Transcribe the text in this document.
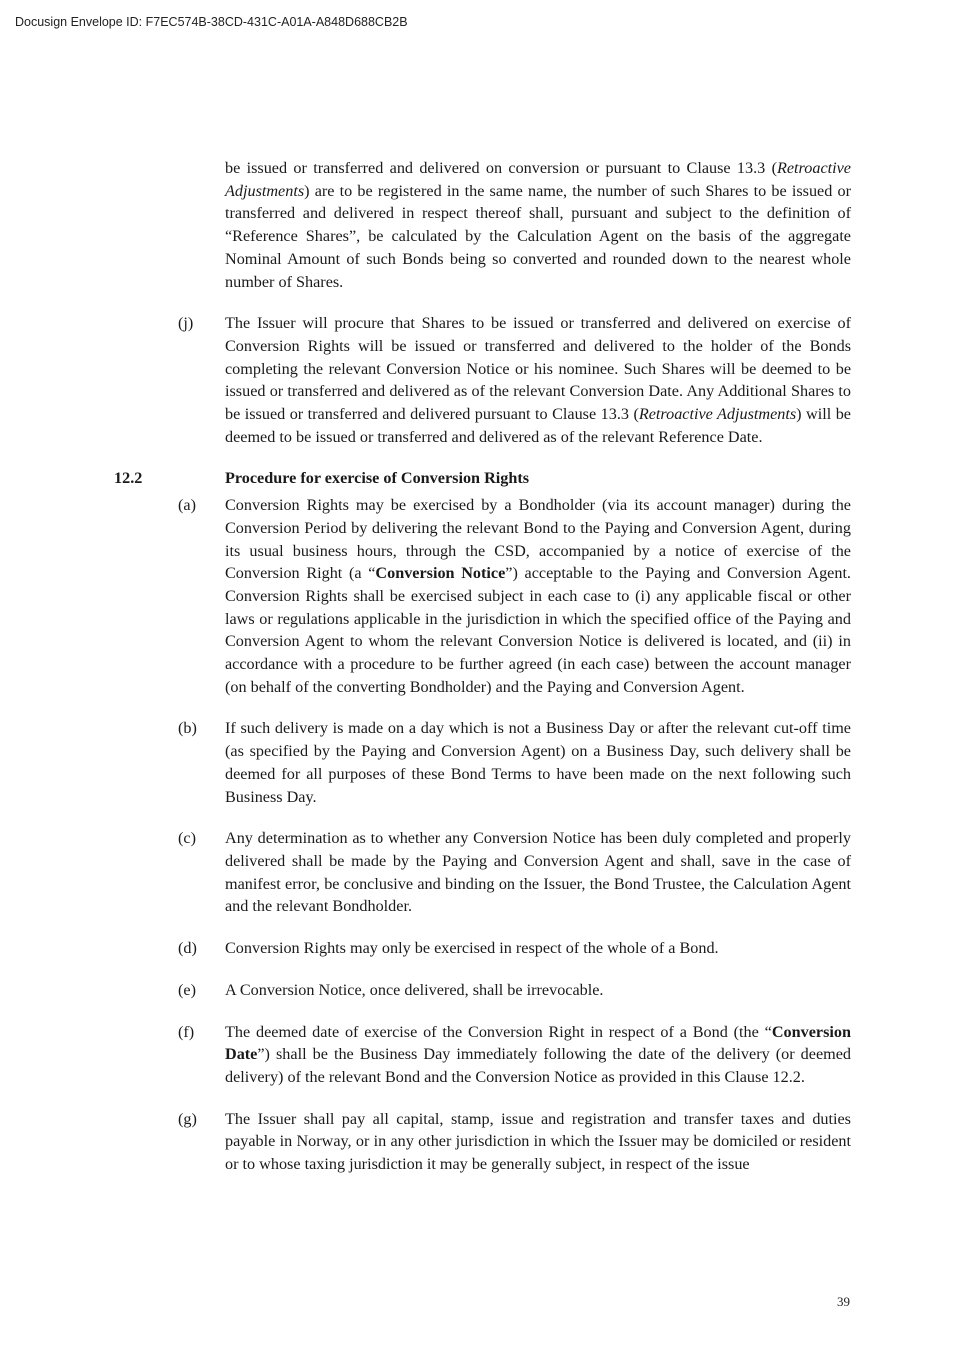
Docusign Envelope ID: F7EC574B-38CD-431C-A01A-A848D688CB2B
be issued or transferred and delivered on conversion or pursuant to Clause 13.3 (Retroactive Adjustments) are to be registered in the same name, the number of such Shares to be issued or transferred and delivered in respect thereof shall, pursuant and subject to the definition of “Reference Shares”, be calculated by the Calculation Agent on the basis of the aggregate Nominal Amount of such Bonds being so converted and rounded down to the nearest whole number of Shares.
(j)	The Issuer will procure that Shares to be issued or transferred and delivered on exercise of Conversion Rights will be issued or transferred and delivered to the holder of the Bonds completing the relevant Conversion Notice or his nominee. Such Shares will be deemed to be issued or transferred and delivered as of the relevant Conversion Date. Any Additional Shares to be issued or transferred and delivered pursuant to Clause 13.3 (Retroactive Adjustments) will be deemed to be issued or transferred and delivered as of the relevant Reference Date.
12.2	Procedure for exercise of Conversion Rights
(a)	Conversion Rights may be exercised by a Bondholder (via its account manager) during the Conversion Period by delivering the relevant Bond to the Paying and Conversion Agent, during its usual business hours, through the CSD, accompanied by a notice of exercise of the Conversion Right (a “Conversion Notice”) acceptable to the Paying and Conversion Agent. Conversion Rights shall be exercised subject in each case to (i) any applicable fiscal or other laws or regulations applicable in the jurisdiction in which the specified office of the Paying and Conversion Agent to whom the relevant Conversion Notice is delivered is located, and (ii) in accordance with a procedure to be further agreed (in each case) between the account manager (on behalf of the converting Bondholder) and the Paying and Conversion Agent.
(b)	If such delivery is made on a day which is not a Business Day or after the relevant cut-off time (as specified by the Paying and Conversion Agent) on a Business Day, such delivery shall be deemed for all purposes of these Bond Terms to have been made on the next following such Business Day.
(c)	Any determination as to whether any Conversion Notice has been duly completed and properly delivered shall be made by the Paying and Conversion Agent and shall, save in the case of manifest error, be conclusive and binding on the Issuer, the Bond Trustee, the Calculation Agent and the relevant Bondholder.
(d)	Conversion Rights may only be exercised in respect of the whole of a Bond.
(e)	A Conversion Notice, once delivered, shall be irrevocable.
(f)	The deemed date of exercise of the Conversion Right in respect of a Bond (the “Conversion Date”) shall be the Business Day immediately following the date of the delivery (or deemed delivery) of the relevant Bond and the Conversion Notice as provided in this Clause 12.2.
(g)	The Issuer shall pay all capital, stamp, issue and registration and transfer taxes and duties payable in Norway, or in any other jurisdiction in which the Issuer may be domiciled or resident or to whose taxing jurisdiction it may be generally subject, in respect of the issue
39
